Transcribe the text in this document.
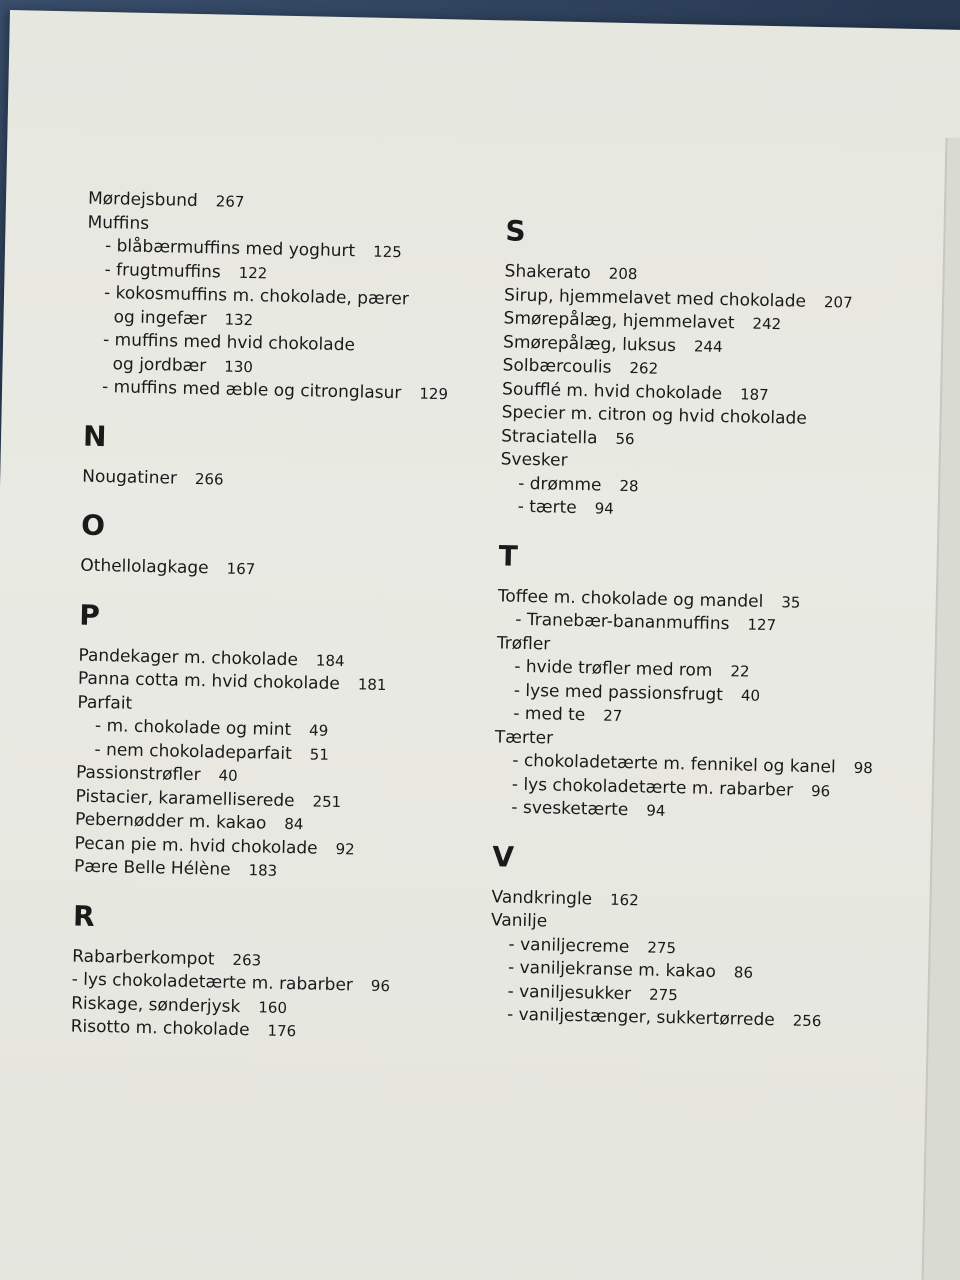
Mørdejsbund 267
Muffins
- blåbærmuffins med yoghurt 125
- frugtmuffins 122
- kokosmuffins m. chokolade, pærer
og ingefær 132
- muffins med hvid chokolade
og jordbær 130
- muffins med æble og citronglasur 129
N
Nougatiner 266
O
Othellolagkage 167
P
Pandekager m. chokolade 184
Panna cotta m. hvid chokolade 181
Parfait
- m. chokolade og mint 49
- nem chokoladeparfait 51
Passionstrøfler 40
Pistacier, karamelliserede 251
Pebernødder m. kakao 84
Pecan pie m. hvid chokolade 92
Pære Belle Hélène 183
R
Rabarberkompot 263
- lys chokoladetærte m. rabarber 96
Riskage, sønderjysk 160
Risotto m. chokolade 176
S
Shakerato 208
Sirup, hjemmelavet med chokolade 207
Smørepålæg, hjemmelavet 242
Smørepålæg, luksus 244
Solbærcoulis 262
Soufflé m. hvid chokolade 187
Specier m. citron og hvid chokolade
Straciatella 56
Svesker
- drømme 28
- tærte 94
T
Toffee m. chokolade og mandel 35
- Tranebær-bananmuffins 127
Trøfler
- hvide trøfler med rom 22
- lyse med passionsfrugt 40
- med te 27
Tærter
- chokoladetærte m. fennikel og kanel 98
- lys chokoladetærte m. rabarber 96
- svesketærte 94
V
Vandkringle 162
Vanilje
- vaniljecreme 275
- vaniljekranse m. kakao 86
- vaniljesukker 275
- vaniljestænger, sukkertørrede 256
